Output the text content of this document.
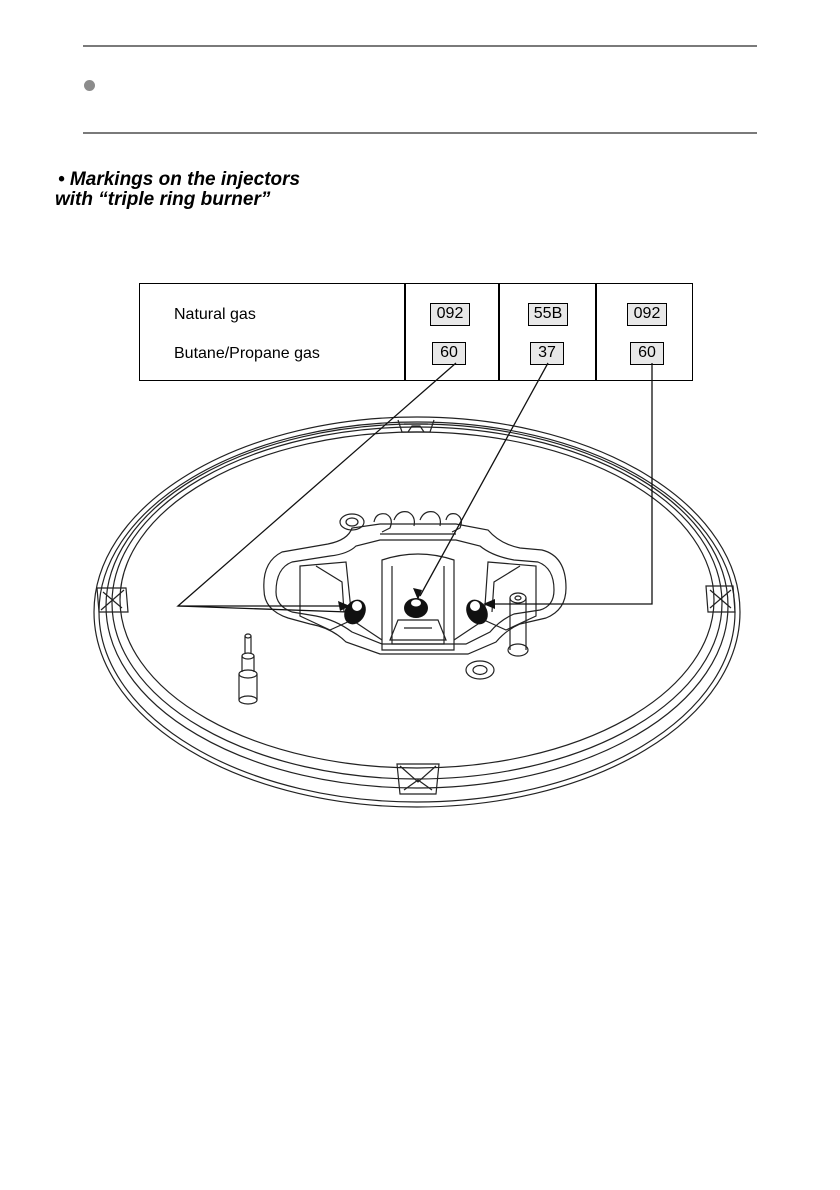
• Markings on the injectors
with “triple ring burner”
Natural gas	092	55B	092
Butane/Propane gas	60	37	60
